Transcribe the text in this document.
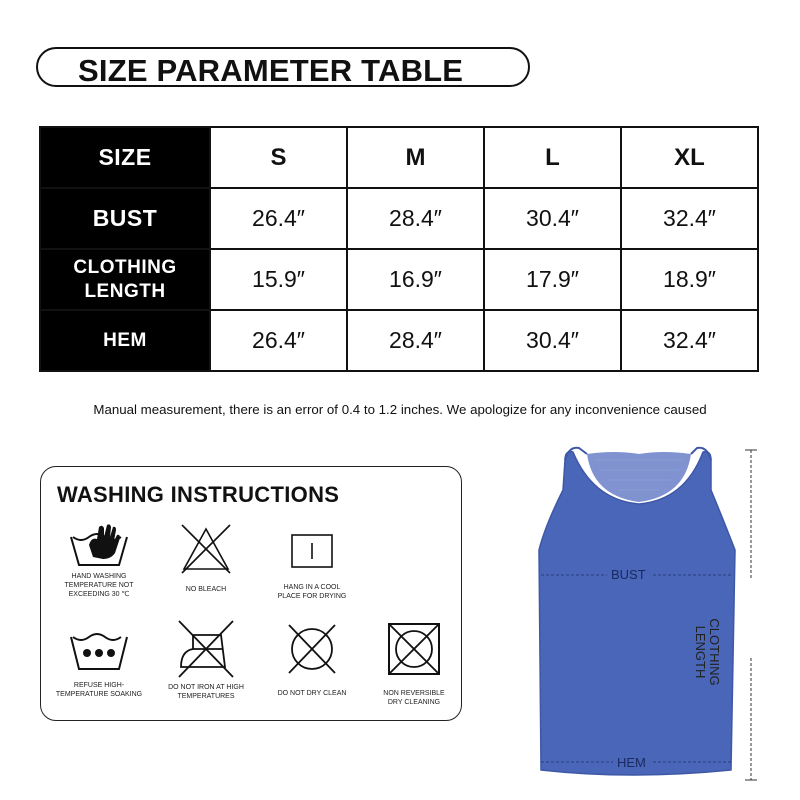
SIZE PARAMETER TABLE
SIZE	S	M	L	XL
BUST	26.4″	28.4″	30.4″	32.4″

CLOTHING
LENGTH	15.9″	16.9″	17.9″	18.9″
HEM	26.4″	28.4″	30.4″	32.4″
Manual measurement, there is an error of 0.4 to 1.2 inches. We apologize for any inconvenience caused
WASHING INSTRUCTIONS
HAND WASHING
TEMPERATURE NOT
EXCEEDING 30 ℃
NO BLEACH	HANG IN A COOL
PLACE FOR DRYING
REFUSE HIGH-
TEMPERATURE SOAKING
DO NOT IRON AT HIGH
TEMPERATURES	DO NOT DRY CLEAN	NON REVERSIBLE
DRY CLEANING
BUST
HEM
CLOTHING
LENGTH
